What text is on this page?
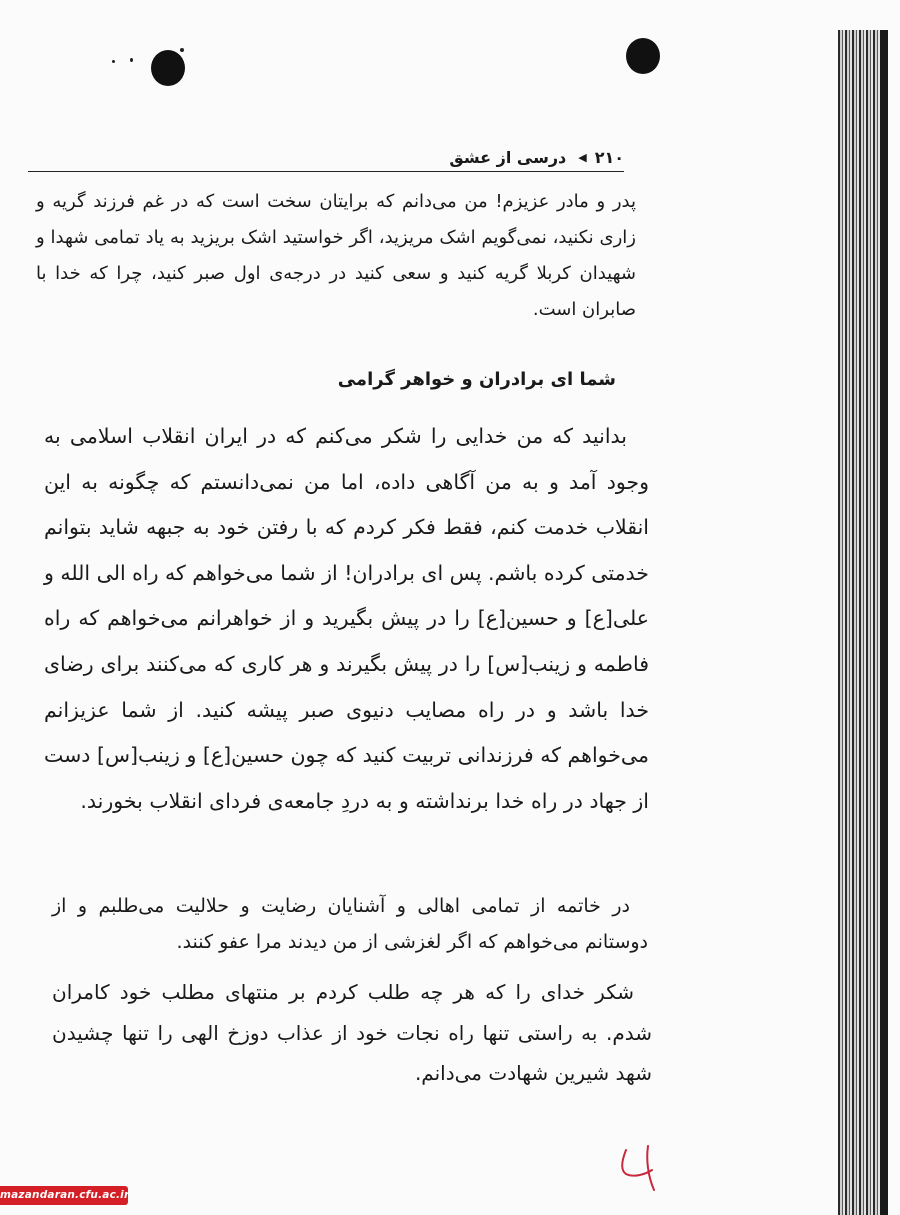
۲۱۰
◀
درسی از عشق
پدر و مادر عزیزم! من می‌دانم که برایتان سخت است که در غم فرزند گریه و زاری نکنید، نمی‌گویم اشک مریزید، اگر خواستید اشک بریزید به یاد تمامی شهدا و شهیدان کربلا گریه کنید و سعی کنید در درجه‌ی اول صبر کنید، چرا که خدا با صابران است.
شما ای برادران و خواهر گرامی
بدانید که من خدایی را شکر می‌کنم که در ایران انقلاب اسلامی به وجود آمد و به من آگاهی داده، اما من نمی‌دانستم که چگونه به این انقلاب خدمت کنم، فقط فکر کردم که با رفتن خود به جبهه شاید بتوانم خدمتی کرده باشم. پس ای برادران! از شما می‌خواهم که راه الی الله و علی[ع] و حسین[ع] را در پیش بگیرید و از خواهرانم می‌خواهم که راه فاطمه و زینب[س] را در پیش بگیرند و هر کاری که می‌کنند برای رضای خدا باشد و در راه مصایب دنیوی صبر پیشه کنید. از شما عزیزانم می‌خواهم که فرزندانی تربیت کنید که چون حسین[ع] و زینب[س] دست از جهاد در راه خدا برنداشته و به دردِ جامعه‌ی فردای انقلاب بخورند.
در خاتمه از تمامی اهالی و آشنایان رضایت و حلالیت می‌طلبم و از دوستانم می‌خواهم که اگر لغزشی از من دیدند مرا عفو کنند.
شکر خدای را که هر چه طلب کردم بر منتهای مطلب خود کامران شدم. به راستی تنها راه نجات خود از عذاب دوزخ الهی را تنها چشیدن شهد شیرین شهادت می‌دانم.
mazandaran.cfu.ac.ir
